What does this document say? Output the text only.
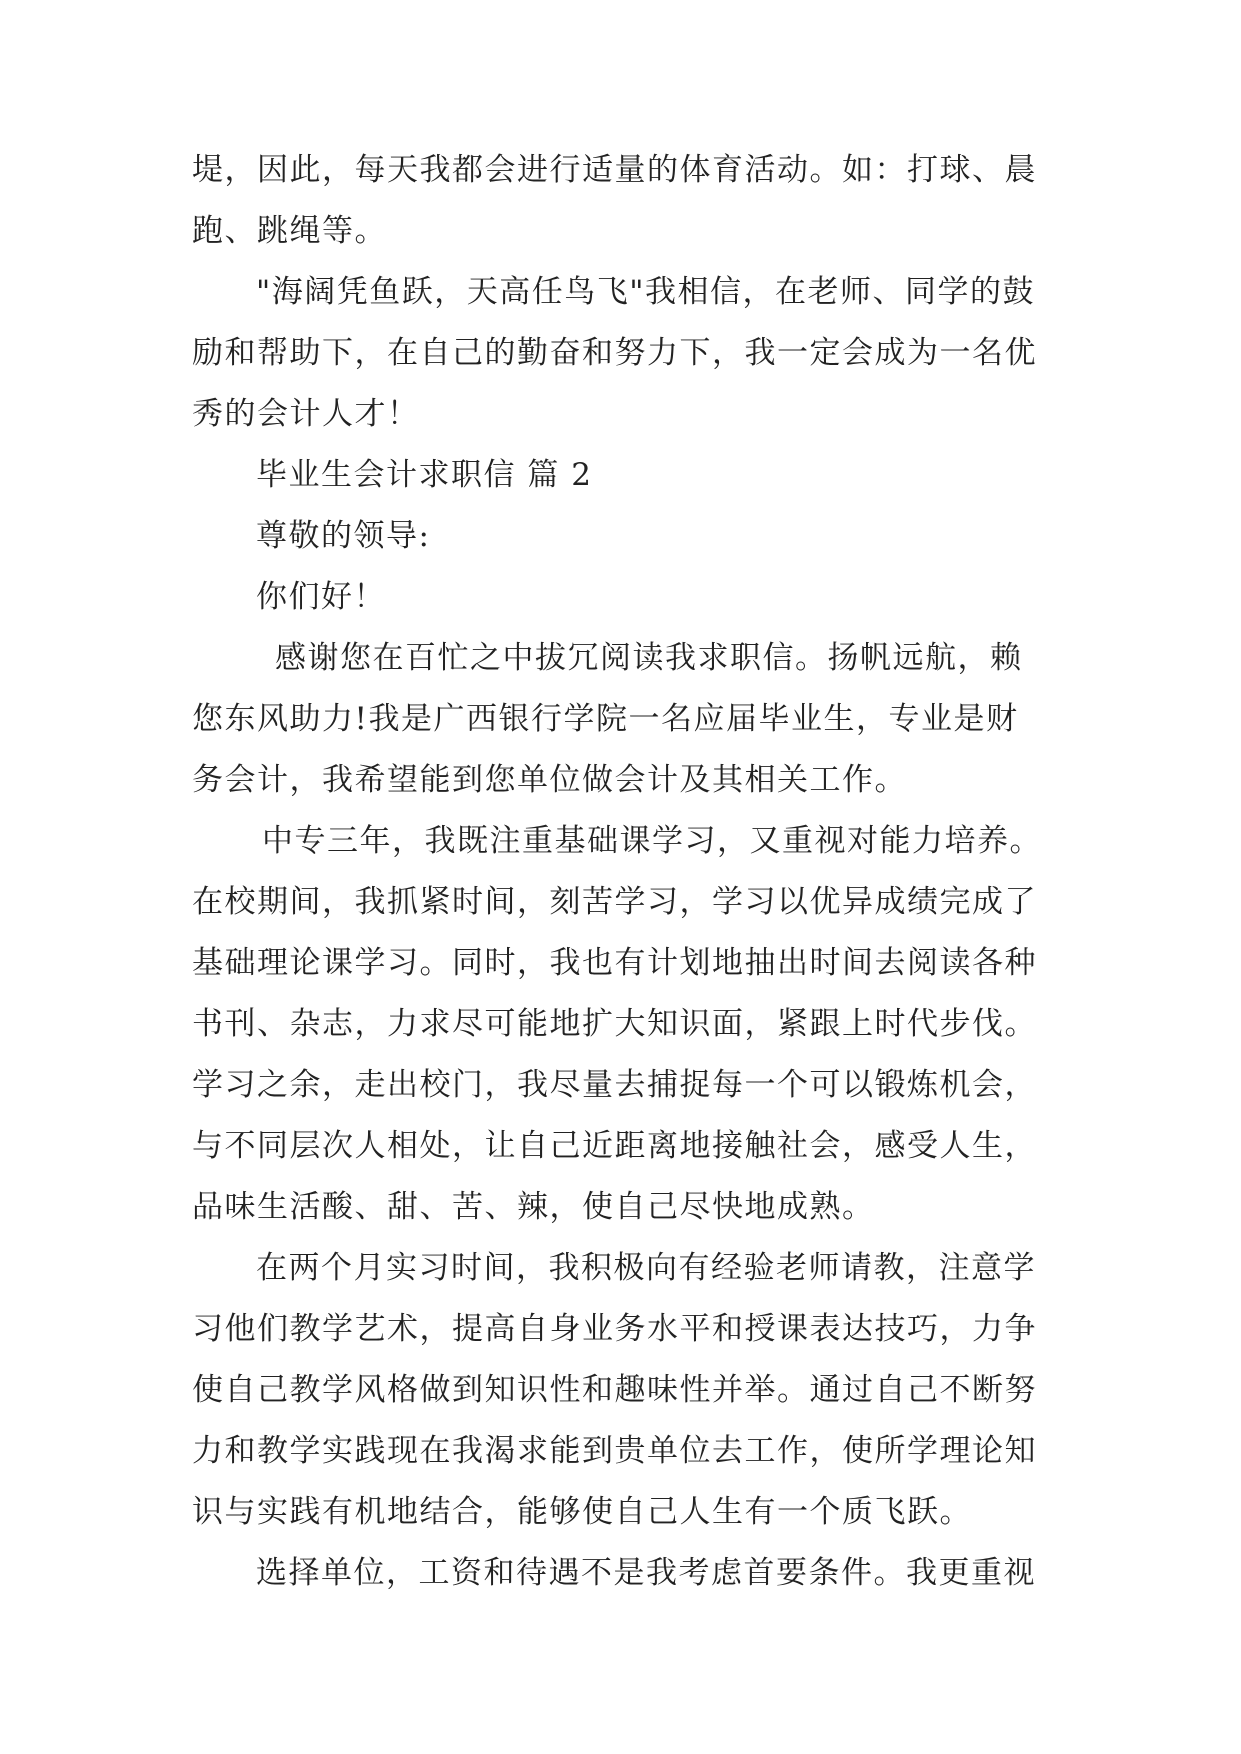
堤，因此，每天我都会进行适量的体育活动。如：打球、晨
跑、跳绳等。
"海阔凭鱼跃，天高任鸟飞"我相信，在老师、同学的鼓
励和帮助下，在自己的勤奋和努力下，我一定会成为一名优
秀的会计人才！
毕业生会计求职信 篇 2
尊敬的领导:
你们好！
感谢您在百忙之中拔冗阅读我求职信。扬帆远航，赖
您东风助力!我是广西银行学院一名应届毕业生，专业是财
务会计，我希望能到您单位做会计及其相关工作。
中专三年，我既注重基础课学习，又重视对能力培养。
在校期间，我抓紧时间，刻苦学习，学习以优异成绩完成了
基础理论课学习。同时，我也有计划地抽出时间去阅读各种
书刊、杂志，力求尽可能地扩大知识面，紧跟上时代步伐。
学习之余，走出校门，我尽量去捕捉每一个可以锻炼机会，
与不同层次人相处，让自己近距离地接触社会，感受人生，
品味生活酸、甜、苦、辣，使自己尽快地成熟。
在两个月实习时间，我积极向有经验老师请教，注意学
习他们教学艺术，提高自身业务水平和授课表达技巧，力争
使自己教学风格做到知识性和趣味性并举。通过自己不断努
力和教学实践现在我渴求能到贵单位去工作，使所学理论知
识与实践有机地结合，能够使自己人生有一个质飞跃。
选择单位，工资和待遇不是我考虑首要条件。我更重视
